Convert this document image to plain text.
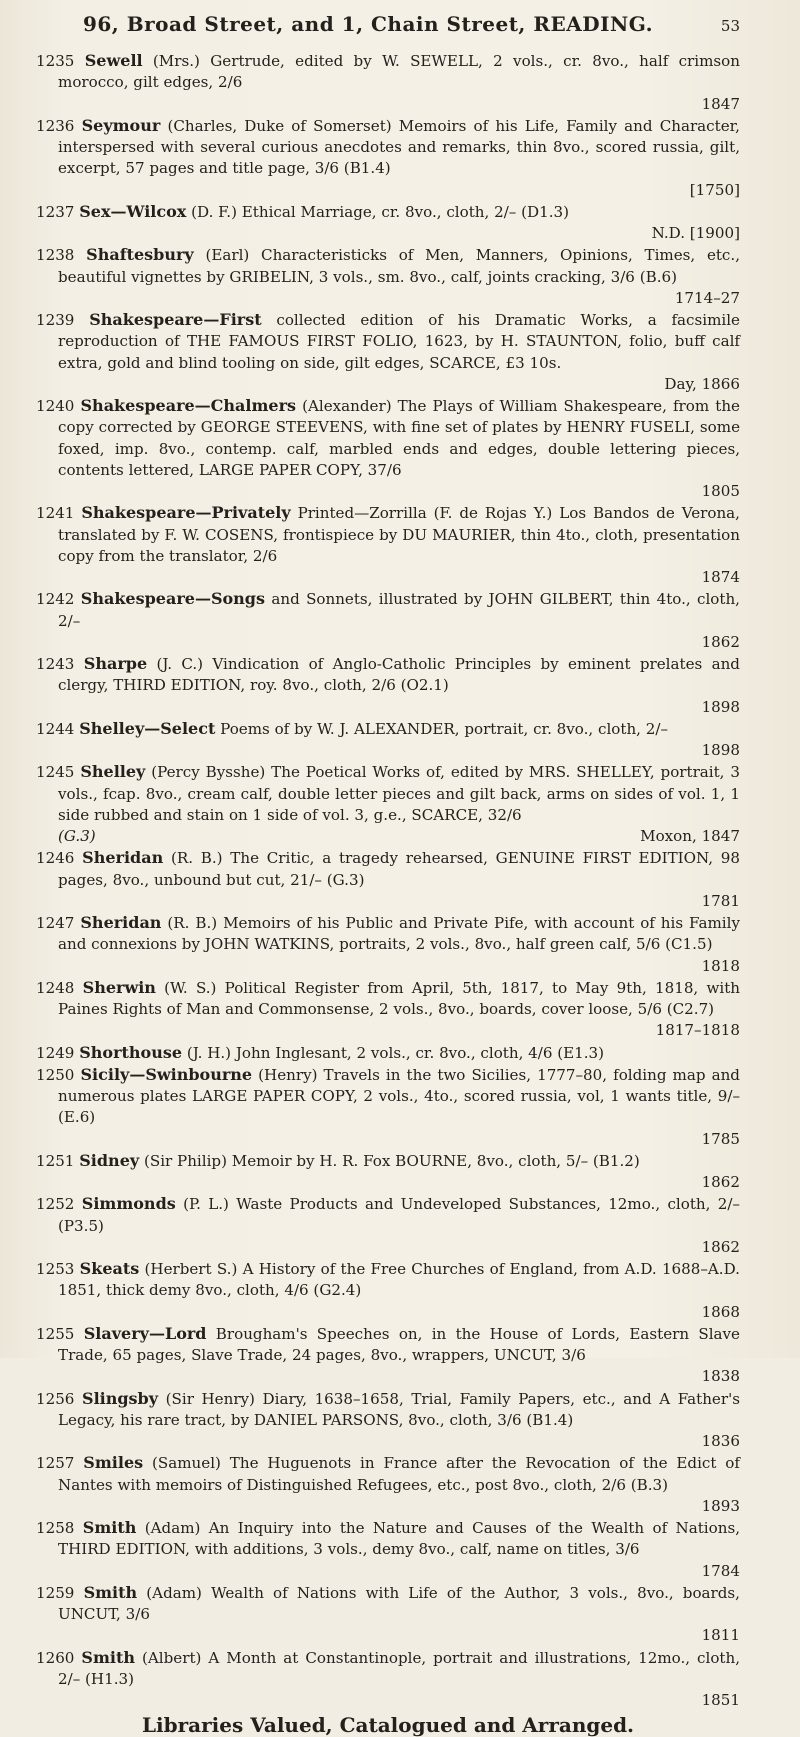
96, Broad Street, and 1, Chain Street, READING.	53
1235 Sewell (Mrs.) Gertrude, edited by W. SEWELL, 2 vols., cr. 8vo., half crimson morocco, gilt edges, 2/6
1847
1236 Seymour (Charles, Duke of Somerset) Memoirs of his Life, Family and Character, interspersed with several curious anecdotes and remarks, thin 8vo., scored russia, gilt, excerpt, 57 pages and title page, 3/6 (B1.4)
[1750]
1237 Sex—Wilcox (D. F.) Ethical Marriage, cr. 8vo., cloth, 2/– (D1.3)
N.D. [1900]
1238 Shaftesbury (Earl) Characteristicks of Men, Manners, Opinions, Times, etc., beautiful vignettes by GRIBELIN, 3 vols., sm. 8vo., calf, joints cracking, 3/6 (B.6)
1714–27
1239 Shakespeare—First collected edition of his Dramatic Works, a facsimile reproduction of THE FAMOUS FIRST FOLIO, 1623, by H. STAUNTON, folio, buff calf extra, gold and blind tooling on side, gilt edges, SCARCE, £3 10s.
Day, 1866
1240 Shakespeare—Chalmers (Alexander) The Plays of William Shakespeare, from the copy corrected by GEORGE STEEVENS, with fine set of plates by HENRY FUSELI, some foxed, imp. 8vo., contemp. calf, marbled ends and edges, double lettering pieces, contents lettered, LARGE PAPER COPY, 37/6
1805
1241 Shakespeare—Privately Printed—Zorrilla (F. de Rojas Y.) Los Bandos de Verona, translated by F. W. COSENS, frontispiece by DU MAURIER, thin 4to., cloth, presentation copy from the translator, 2/6
1874
1242 Shakespeare—Songs and Sonnets, illustrated by JOHN GILBERT, thin 4to., cloth, 2/–
1862
1243 Sharpe (J. C.) Vindication of Anglo-Catholic Principles by eminent prelates and clergy, THIRD EDITION, roy. 8vo., cloth, 2/6 (O2.1)
1898
1244 Shelley—Select Poems of by W. J. ALEXANDER, portrait, cr. 8vo., cloth, 2/–
1898
1245 Shelley (Percy Bysshe) The Poetical Works of, edited by MRS. SHELLEY, portrait, 3 vols., fcap. 8vo., cream calf, double letter pieces and gilt back, arms on sides of vol. 1, 1 side rubbed and stain on 1 side of vol. 3, g.e., SCARCE, 32/6
(G.3)	Moxon, 1847
1246 Sheridan (R. B.) The Critic, a tragedy rehearsed, GENUINE FIRST EDITION, 98 pages, 8vo., unbound but cut, 21/– (G.3)
1781
1247 Sheridan (R. B.) Memoirs of his Public and Private Pife, with account of his Family and connexions by JOHN WATKINS, portraits, 2 vols., 8vo., half green calf, 5/6 (C1.5)
1818
1248 Sherwin (W. S.) Political Register from April, 5th, 1817, to May 9th, 1818, with Paines Rights of Man and Commonsense, 2 vols., 8vo., boards, cover loose, 5/6 (C2.7)
1817–1818
1249 Shorthouse (J. H.) John Inglesant, 2 vols., cr. 8vo., cloth, 4/6 (E1.3)
1250 Sicily—Swinbourne (Henry) Travels in the two Sicilies, 1777–80, folding map and numerous plates LARGE PAPER COPY, 2 vols., 4to., scored russia, vol, 1 wants title, 9/– (E.6)
1785
1251 Sidney (Sir Philip) Memoir by H. R. Fox BOURNE, 8vo., cloth, 5/– (B1.2)
1862
1252 Simmonds (P. L.) Waste Products and Undeveloped Substances, 12mo., cloth, 2/– (P3.5)
1862
1253 Skeats (Herbert S.) A History of the Free Churches of England, from A.D. 1688–A.D. 1851, thick demy 8vo., cloth, 4/6 (G2.4)
1868
1255 Slavery—Lord Brougham's Speeches on, in the House of Lords, Eastern Slave Trade, 65 pages, Slave Trade, 24 pages, 8vo., wrappers, UNCUT, 3/6
1838
1256 Slingsby (Sir Henry) Diary, 1638–1658, Trial, Family Papers, etc., and A Father's Legacy, his rare tract, by DANIEL PARSONS, 8vo., cloth, 3/6 (B1.4)
1836
1257 Smiles (Samuel) The Huguenots in France after the Revocation of the Edict of Nantes with memoirs of Distinguished Refugees, etc., post 8vo., cloth, 2/6 (B.3)
1893
1258 Smith (Adam) An Inquiry into the Nature and Causes of the Wealth of Nations, THIRD EDITION, with additions, 3 vols., demy 8vo., calf, name on titles, 3/6
1784
1259 Smith (Adam) Wealth of Nations with Life of the Author, 3 vols., 8vo., boards, UNCUT, 3/6
1811
1260 Smith (Albert) A Month at Constantinople, portrait and illustrations, 12mo., cloth, 2/– (H1.3)
1851
Libraries Valued, Catalogued and Arranged.
